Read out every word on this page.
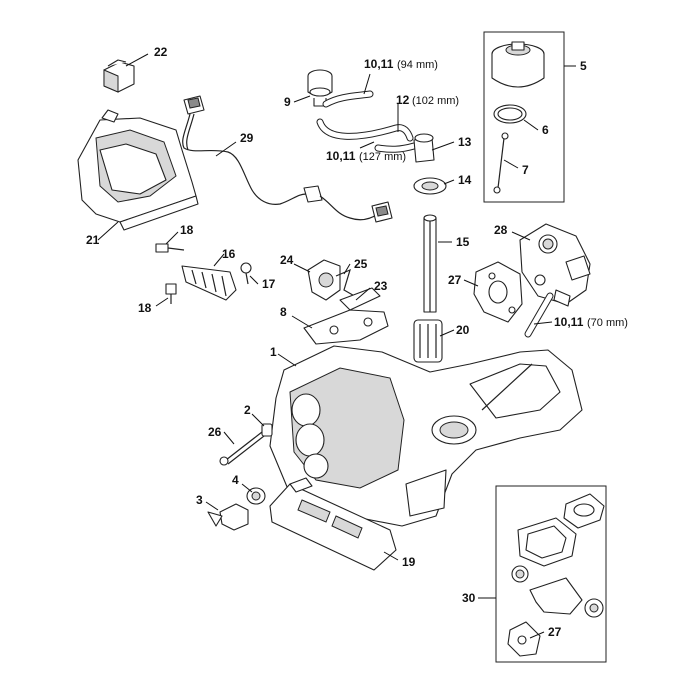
22
21
29
9
10,11 (94 mm)
12 (102 mm)
10,11 (127 mm)
13
14
15
20
5
6
7
28
27
10,11 (70 mm)
24	25
23
8
18
16
17
18
1
2
26
4
3
19
30
27
